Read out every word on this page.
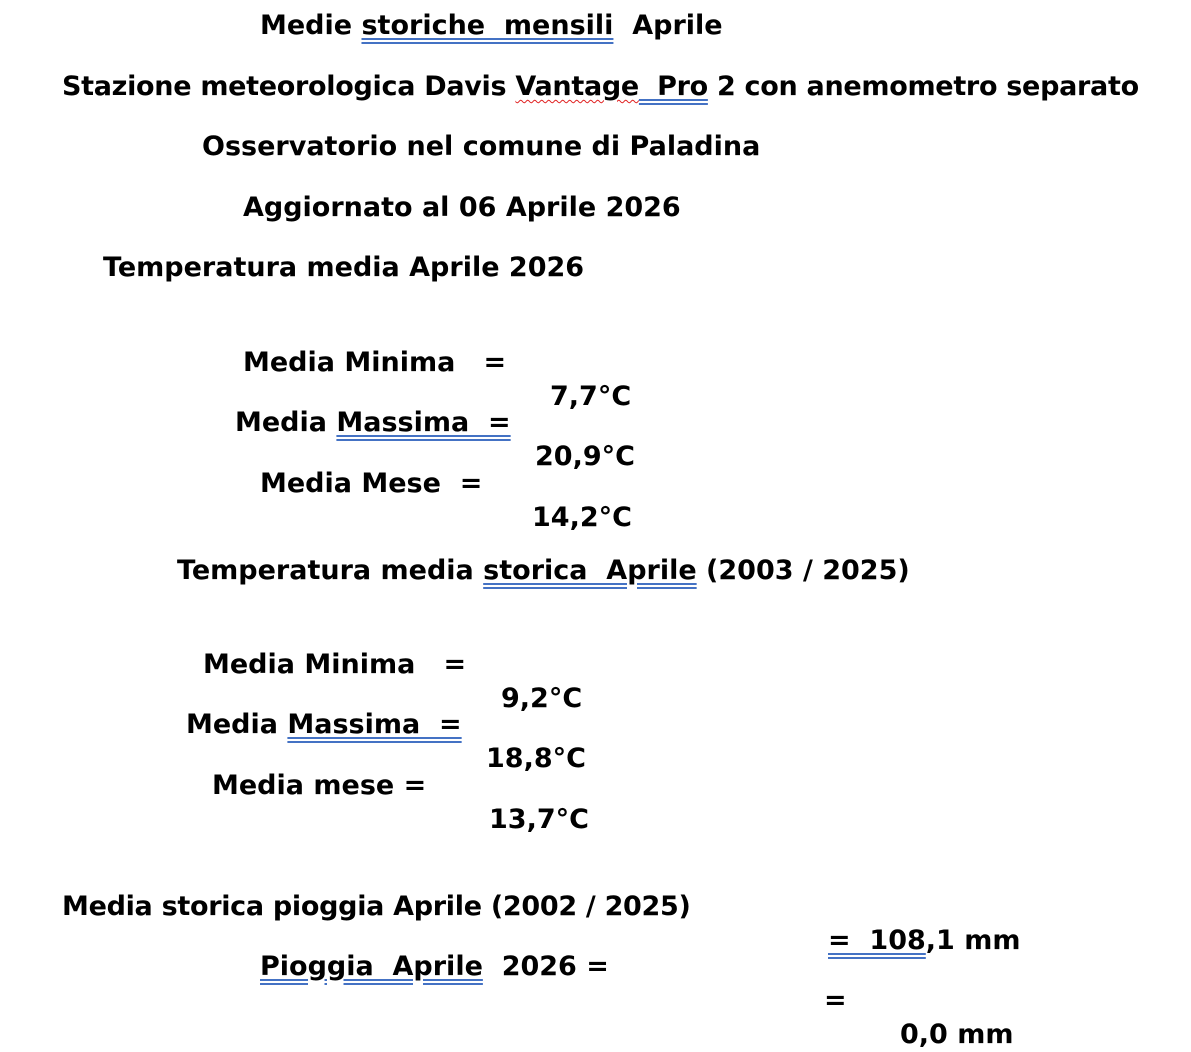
Medie storiche  mensili  Aprile

Stazione meteorologica Davis Vantage  Pro 2 con anemometro separato

Osservatorio nel comune di Paladina

Aggiornato al 06 Aprile 2026

Temperatura media Aprile 2026

Media Minima   =

7,7°C

Media Massima  =

20,9°C

Media Mese  =

14,2°C

Temperatura media storica  Aprile (2003 / 2025)

Media Minima   =

9,2°C

Media Massima  =

18,8°C

Media mese =

13,7°C

Media storica pioggia Aprile (2002 / 2025)

=  108,1 mm

Pioggia  Aprile  2026 =

=

0,0 mm
